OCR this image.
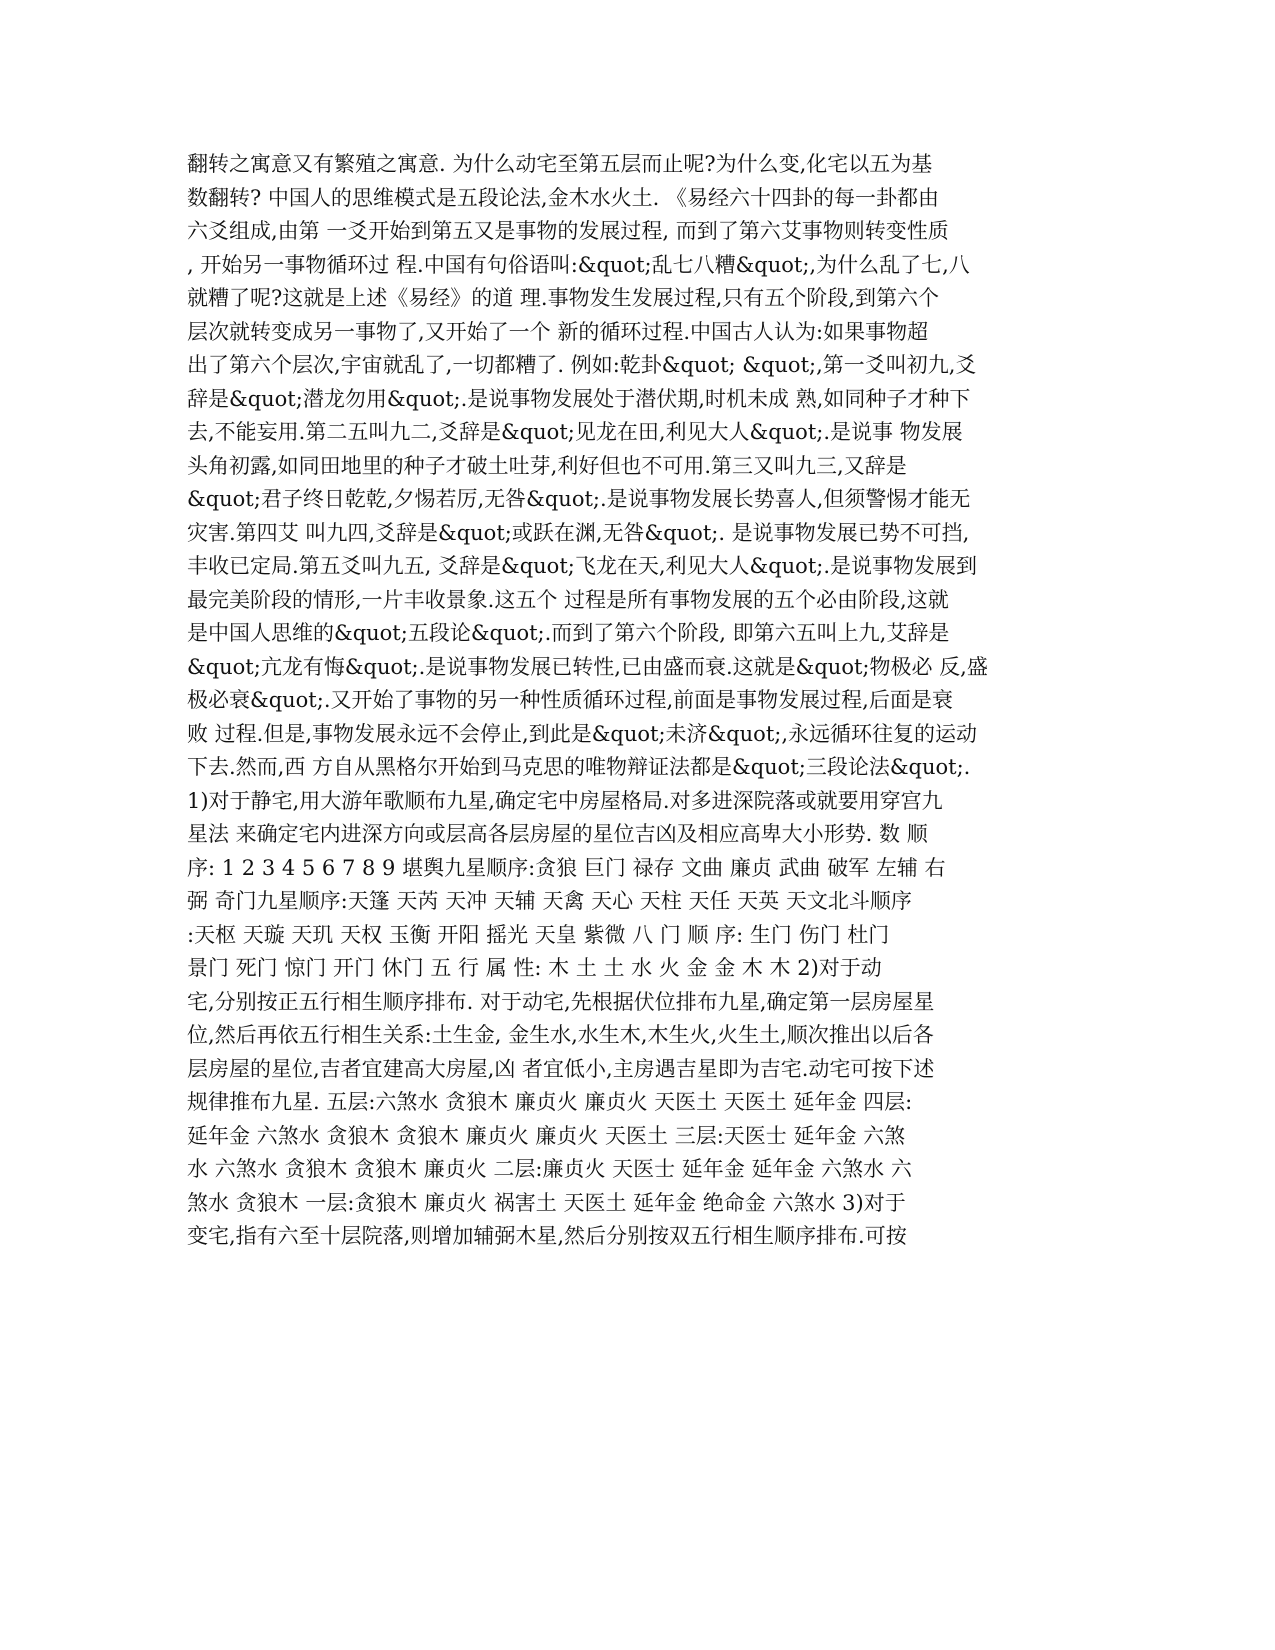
翻转之寓意又有繁殖之寓意. 为什么动宅至第五层而止呢?为什么变,化宅以五为基
数翻转? 中国人的思维模式是五段论法,金木水火土. 《易经六十四卦的每一卦都由
六爻组成,由第 一爻开始到第五又是事物的发展过程, 而到了第六艾事物则转变性质
, 开始另一事物循环过 程.中国有句俗语叫:&quot;乱七八糟&quot;,为什么乱了七,八
就糟了呢?这就是上述《易经》的道 理.事物发生发展过程,只有五个阶段,到第六个
层次就转变成另一事物了,又开始了一个 新的循环过程.中国古人认为:如果事物超
出了第六个层次,宇宙就乱了,一切都糟了. 例如:乾卦&quot; &quot;,第一爻叫初九,爻
辞是&quot;潜龙勿用&quot;.是说事物发展处于潜伏期,时机未成 熟,如同种子才种下
去,不能妄用.第二五叫九二,爻辞是&quot;见龙在田,利见大人&quot;.是说事 物发展
头角初露,如同田地里的种子才破土吐芽,利好但也不可用.第三又叫九三,又辞是
&quot;君子终日乾乾,夕惕若厉,无咎&quot;.是说事物发展长势喜人,但须警惕才能无
灾害.第四艾 叫九四,爻辞是&quot;或跃在渊,无咎&quot;. 是说事物发展已势不可挡,
丰收已定局.第五爻叫九五, 爻辞是&quot;飞龙在天,利见大人&quot;.是说事物发展到
最完美阶段的情形,一片丰收景象.这五个 过程是所有事物发展的五个必由阶段,这就
是中国人思维的&quot;五段论&quot;.而到了第六个阶段, 即第六五叫上九,艾辞是
&quot;亢龙有悔&quot;.是说事物发展已转性,已由盛而衰.这就是&quot;物极必 反,盛
极必衰&quot;.又开始了事物的另一种性质循环过程,前面是事物发展过程,后面是衰
败 过程.但是,事物发展永远不会停止,到此是&quot;未济&quot;,永远循环往复的运动
下去.然而,西 方自从黑格尔开始到马克思的唯物辩证法都是&quot;三段论法&quot;.
1)对于静宅,用大游年歌顺布九星,确定宅中房屋格局.对多进深院落或就要用穿宫九
星法 来确定宅内进深方向或层高各层房屋的星位吉凶及相应高卑大小形势. 数 顺
序: 1 2 3 4 5 6 7 8 9 堪舆九星顺序:贪狼 巨门 禄存 文曲 廉贞 武曲 破军 左辅 右
弼 奇门九星顺序:天篷 天芮 天冲 天辅 天禽 天心 天柱 天任 天英 天文北斗顺序
:天枢 天璇 天玑 天权 玉衡 开阳 摇光 天皇 紫微 八 门 顺 序: 生门 伤门 杜门
景门 死门 惊门 开门 休门 五 行 属 性: 木 土 土 水 火 金 金 木 木 2)对于动
宅,分别按正五行相生顺序排布. 对于动宅,先根据伏位排布九星,确定第一层房屋星
位,然后再依五行相生关系:土生金, 金生水,水生木,木生火,火生土,顺次推出以后各
层房屋的星位,吉者宜建高大房屋,凶 者宜低小,主房遇吉星即为吉宅.动宅可按下述
规律推布九星. 五层:六煞水 贪狼木 廉贞火 廉贞火 天医土 天医土 延年金 四层:
延年金 六煞水 贪狼木 贪狼木 廉贞火 廉贞火 天医土 三层:天医士 延年金 六煞
水 六煞水 贪狼木 贪狼木 廉贞火 二层:廉贞火 天医士 延年金 延年金 六煞水 六
煞水 贪狼木 一层:贪狼木 廉贞火 祸害土 天医土 延年金 绝命金 六煞水 3)对于
变宅,指有六至十层院落,则增加辅弼木星,然后分别按双五行相生顺序排布.可按
